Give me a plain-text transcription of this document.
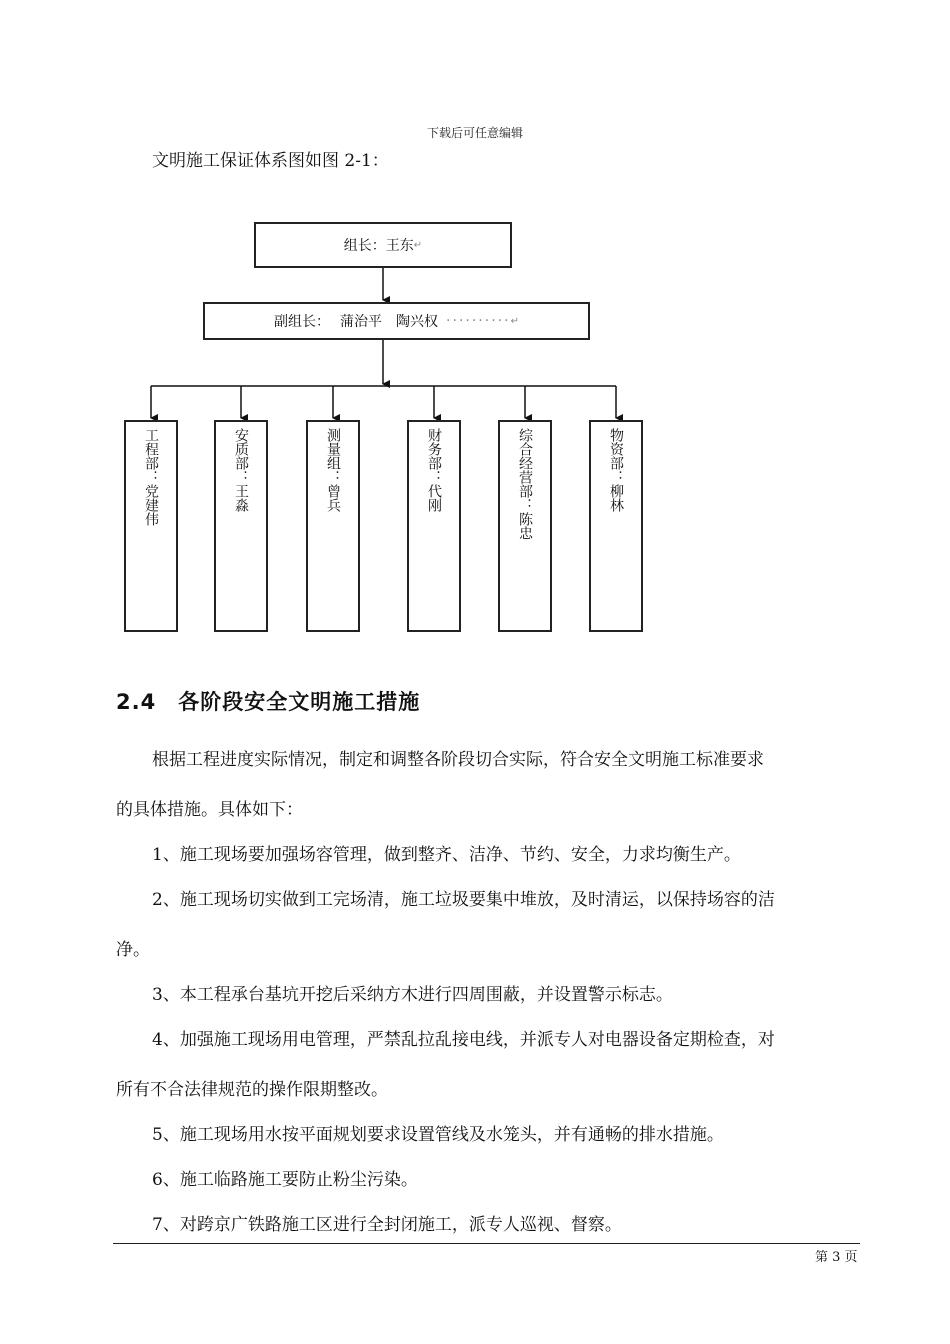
下载后可任意编辑
文明施工保证体系图如图 2-1：
组长：王东 ↵
副组长： 蒲治平　陶兴权 ·········· ↵
工程部：党建伟	安质部：王淼	测量组：曾兵	财务部：代刚	综合经营部：陈忠	物资部：柳林
2.4　各阶段安全文明施工措施
根据工程进度实际情况，制定和调整各阶段切合实际，符合安全文明施工标准要求
的具体措施。具体如下：
1、施工现场要加强场容管理，做到整齐、洁净、节约、安全，力求均衡生产。
2、施工现场切实做到工完场清，施工垃圾要集中堆放，及时清运，以保持场容的洁
净。
3、本工程承台基坑开挖后采纳方木进行四周围蔽，并设置警示标志。
4、加强施工现场用电管理，严禁乱拉乱接电线，并派专人对电器设备定期检查，对
所有不合法律规范的操作限期整改。
5、施工现场用水按平面规划要求设置管线及水笼头，并有通畅的排水措施。
6、施工临路施工要防止粉尘污染。
7、对跨京广铁路施工区进行全封闭施工，派专人巡视、督察。
第 3 页
